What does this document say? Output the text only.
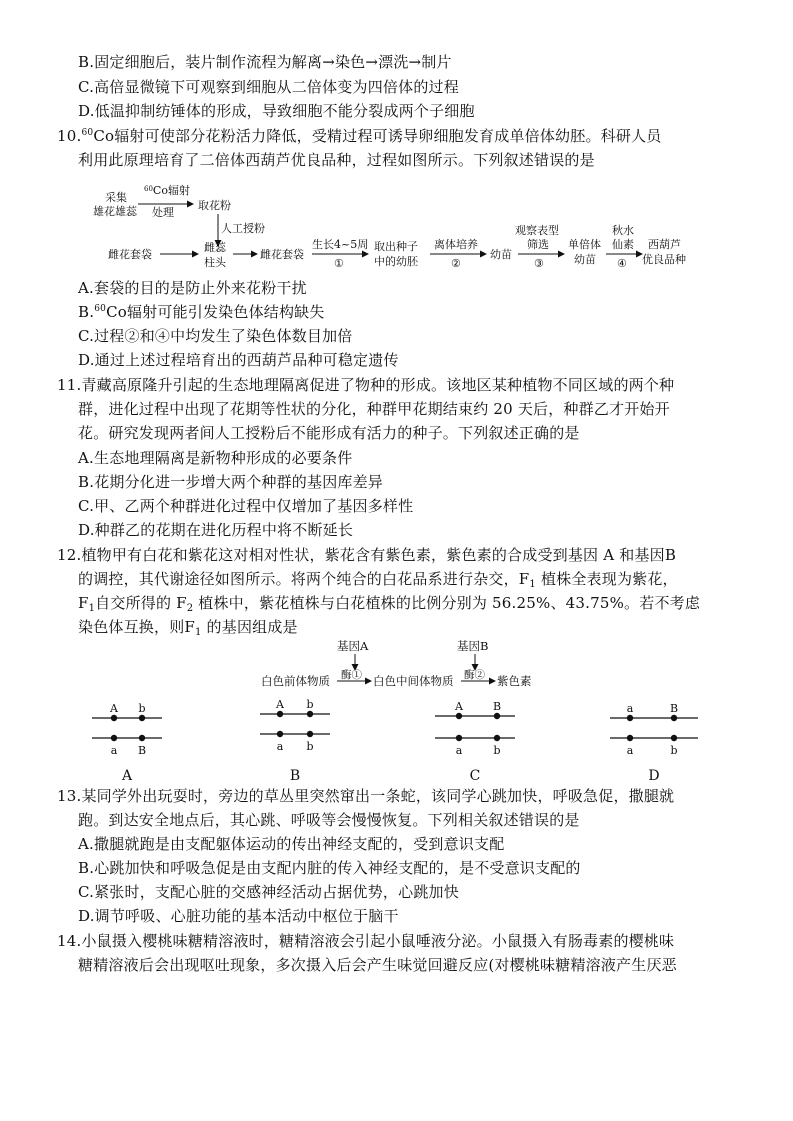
B.固定细胞后，装片制作流程为解离→染色→漂洗→制片
C.高倍显微镜下可观察到细胞从二倍体变为四倍体的过程
D.低温抑制纺锤体的形成，导致细胞不能分裂成两个子细胞
10.60Co辐射可使部分花粉活力降低，受精过程可诱导卵细胞发育成单倍体幼胚。科研人员
利用此原理培育了二倍体西葫芦优良品种，过程如图所示。下列叙述错误的是
采集
雄花雄蕊
$^{60}$Co辐射
处理
取花粉
人工授粉
雌花套袋
雌蕊
柱头
雌花套袋
生长4~5周
①
取出种子
中的幼胚
离体培养
②
幼苗
观察表型
筛选
③
单倍体
幼苗
秋水
仙素
④
西葫芦
优良品种
A.套袋的目的是防止外来花粉干扰
B.$^{60}$Co辐射可能引发染色体结构缺失
C.过程②和④中均发生了染色体数目加倍
D.通过上述过程培育出的西葫芦品种可稳定遗传
11.青藏高原隆升引起的生态地理隔离促进了物种的形成。该地区某种植物不同区域的两个种
群，进化过程中出现了花期等性状的分化，种群甲花期结束约 20 天后，种群乙才开始开
花。研究发现两者间人工授粉后不能形成有活力的种子。下列叙述正确的是
A.生态地理隔离是新物种形成的必要条件
B.花期分化进一步增大两个种群的基因库差异
C.甲、乙两个种群进化过程中仅增加了基因多样性
D.种群乙的花期在进化历程中将不断延长
12.植物甲有白花和紫花这对相对性状，紫花含有紫色素，紫色素的合成受到基因 A 和基因B
的调控，其代谢途径如图所示。将两个纯合的白花品系进行杂交，$F_1$ 植株全表现为紫花，
$F_1$自交所得的 $F_2$ 植株中，紫花植株与白花植株的比例分别为 56.25%、43.75%。若不考虑
染色体互换，则$F_1$ 的基因组成是
基因A	基因B
白色前体物质 酶① 白色中间体物质 酶② 紫色素
A b
a B
A
A b
a b
B
A	B
a	b
C
a	B
a	b
D
13.某同学外出玩耍时，旁边的草丛里突然窜出一条蛇，该同学心跳加快，呼吸急促，撒腿就
跑。到达安全地点后，其心跳、呼吸等会慢慢恢复。下列相关叙述错误的是
A.撒腿就跑是由支配躯体运动的传出神经支配的，受到意识支配
B.心跳加快和呼吸急促是由支配内脏的传入神经支配的，是不受意识支配的
C.紧张时，支配心脏的交感神经活动占据优势，心跳加快
D.调节呼吸、心脏功能的基本活动中枢位于脑干
14.小鼠摄入樱桃味糖精溶液时，糖精溶液会引起小鼠唾液分泌。小鼠摄入有肠毒素的樱桃味
糖精溶液后会出现呕吐现象，多次摄入后会产生味觉回避反应(对樱桃味糖精溶液产生厌恶
